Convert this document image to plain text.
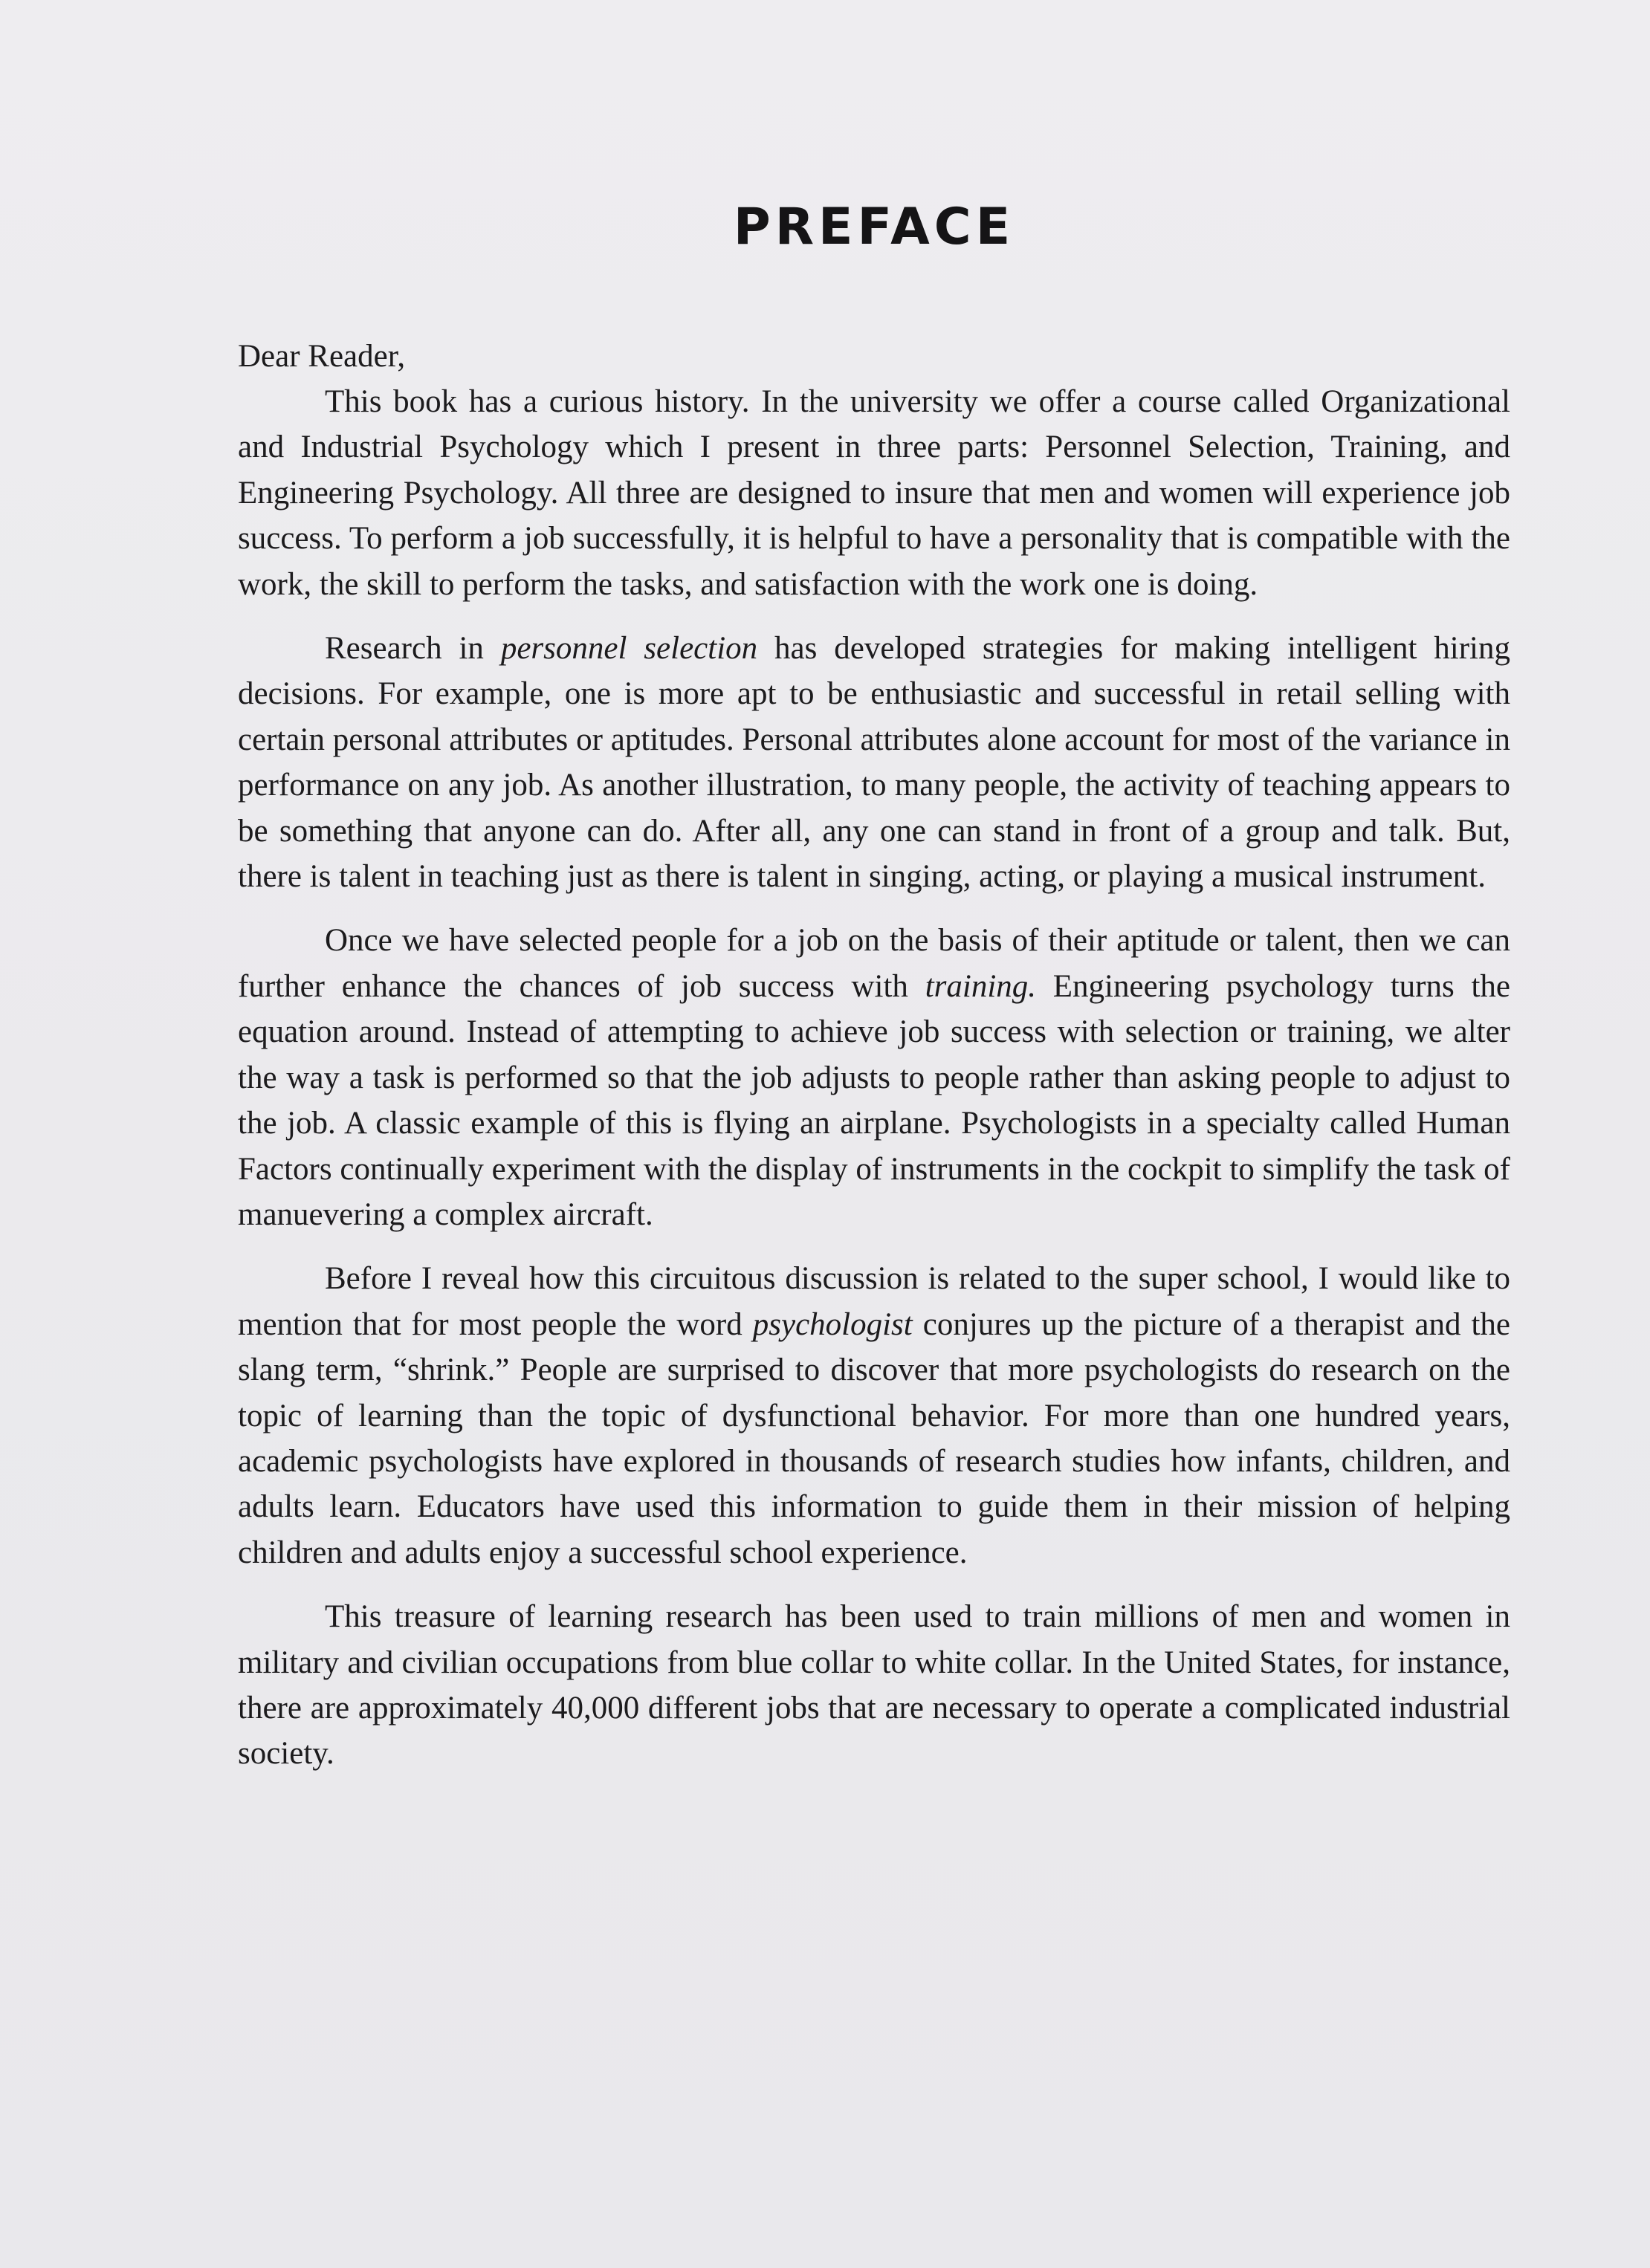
PREFACE

Dear Reader,

This book has a curious history. In the university we offer a course called Organizational and Industrial Psychology which I present in three parts: Personnel Selection, Training, and Engineering Psychology. All three are designed to insure that men and women will experience job success. To perform a job successfully, it is helpful to have a personality that is compatible with the work, the skill to perform the tasks, and satisfaction with the work one is doing.

Research in personnel selection has developed strategies for making intelligent hiring decisions. For example, one is more apt to be enthusiastic and successful in retail selling with certain personal attributes or aptitudes. Personal attributes alone account for most of the variance in performance on any job. As another illustration, to many people, the activity of teaching appears to be something that anyone can do. After all, any one can stand in front of a group and talk. But, there is talent in teaching just as there is talent in singing, acting, or playing a musical instrument.

Once we have selected people for a job on the basis of their aptitude or talent, then we can further enhance the chances of job success with training. Engineering psychology turns the equation around. Instead of attempting to achieve job success with selection or training, we alter the way a task is performed so that the job adjusts to people rather than asking people to adjust to the job. A classic example of this is flying an airplane. Psychologists in a specialty called Human Factors continually experiment with the display of instruments in the cockpit to simplify the task of manuevering a complex aircraft.

Before I reveal how this circuitous discussion is related to the super school, I would like to mention that for most people the word psychologist conjures up the picture of a therapist and the slang term, “shrink.” People are surprised to discover that more psychologists do research on the topic of learning than the topic of dysfunctional behavior. For more than one hundred years, academic psychologists have explored in thousands of research studies how infants, children, and adults learn. Educators have used this information to guide them in their mission of helping children and adults enjoy a successful school experience.

This treasure of learning research has been used to train millions of men and women in military and civilian occupations from blue collar to white collar. In the United States, for instance, there are approximately 40,000 different jobs that are necessary to operate a complicated industrial society.
